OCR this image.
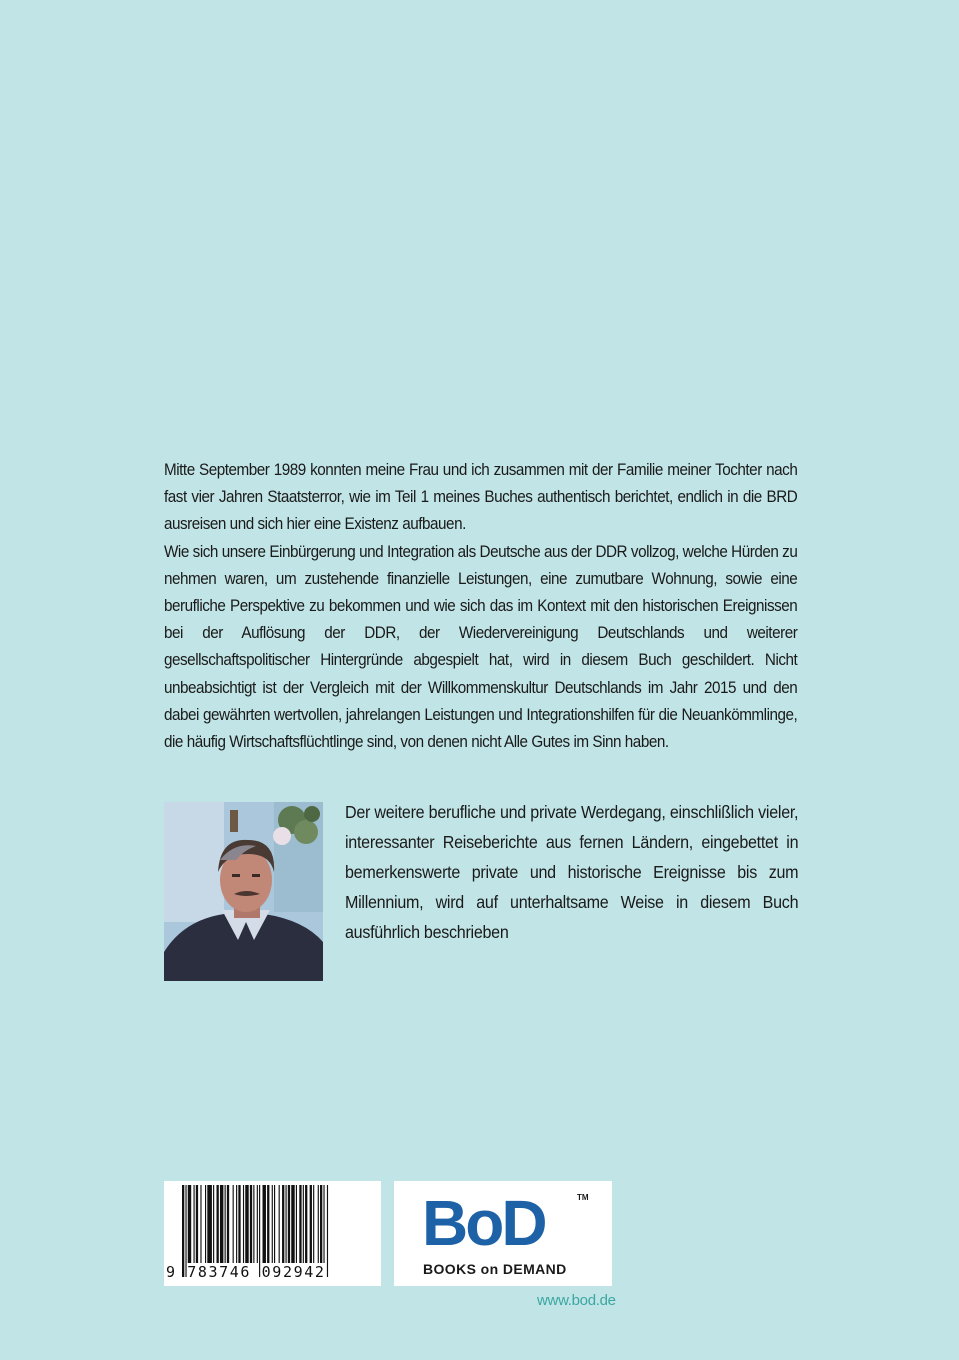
Mitte September 1989 konnten meine Frau und ich zusammen mit der Familie meiner Tochter nach fast vier Jahren Staatsterror, wie im Teil 1 meines Buches authentisch berichtet, endlich in die BRD ausreisen und sich hier eine Existenz aufbauen.

Wie sich unsere Einbürgerung und Integration als Deutsche aus der DDR vollzog, welche Hürden zu nehmen waren, um zustehende finanzielle Leistungen, eine zumutbare Wohnung, sowie eine berufliche Perspektive zu bekommen und wie sich das im Kontext mit den historischen Ereignissen bei der Auflösung der DDR, der Wiedervereinigung Deutschlands und weiterer gesellschaftspolitischer Hintergründe abgespielt hat, wird in diesem Buch geschildert. Nicht unbeabsichtigt ist der Vergleich mit der Willkommenskultur Deutschlands im Jahr 2015 und den dabei gewährten wertvollen, jahrelangen Leistungen und Integrationshilfen für die Neuankömmlinge, die häufig Wirtschaftsflüchtlinge sind, von denen nicht Alle Gutes im Sinn haben.

Der weitere berufliche und private Werdegang, einschlißlich vieler, interessanter Reiseberichte aus fernen Ländern, eingebettet in bemerkenswerte private und historische Ereignisse bis zum Millennium, wird auf unterhaltsame Weise in diesem Buch ausführlich beschrieben
9 783746 092942
BoD	TM
BOOKS on DEMAND
www.bod.de
